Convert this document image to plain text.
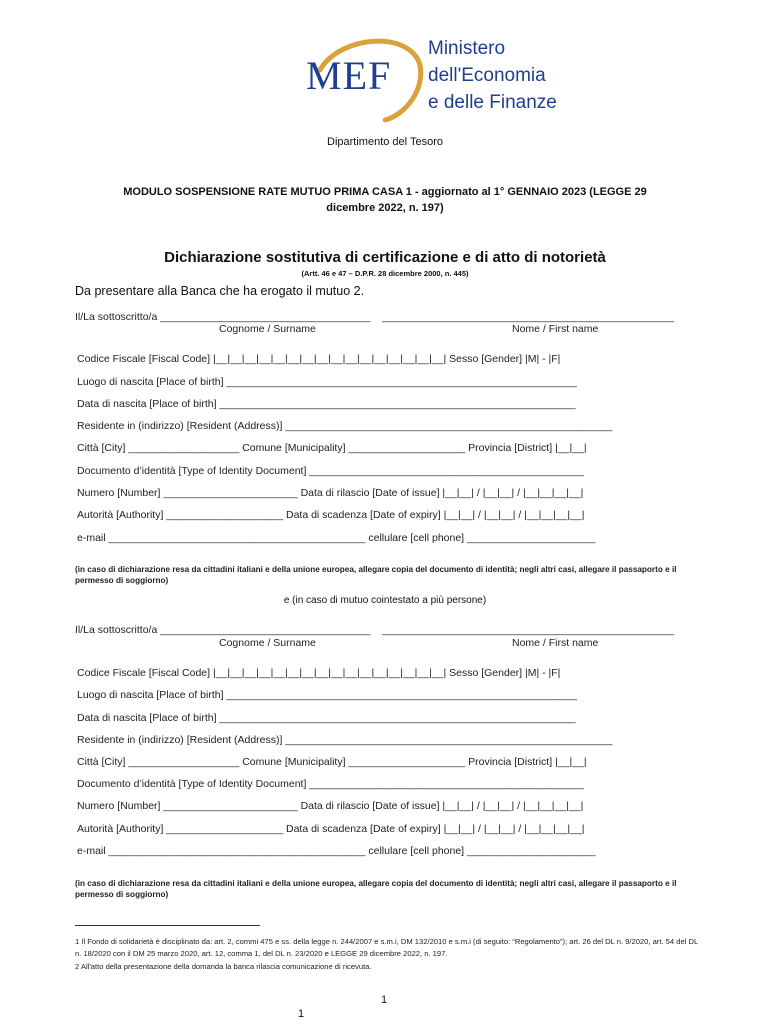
MEF
Ministero
dell'Economia
e delle Finanze
Dipartimento del Tesoro
MODULO SOSPENSIONE RATE MUTUO PRIMA CASA 1 - aggiornato al 1° GENNAIO 2023 (LEGGE 29
dicembre 2022, n. 197)
Dichiarazione sostitutiva di certificazione e di atto di notorietà
(Artt. 46 e 47 – D.P.R. 28 dicembre 2000, n. 445)
Da presentare alla Banca che ha erogato il mutuo 2.
Il/La sottoscritto/a ____________________________________    __________________________________________________
Cognome / Surname	Nome / First name
Codice Fiscale [Fiscal Code] |__|__|__|__|__|__|__|__|__|__|__|__|__|__|__|__| Sesso [Gender] |M| - |F|
Luogo di nascita [Place of birth] ____________________________________________________________
Data di nascita [Place of birth] _____________________________________________________________
Residente in (indirizzo) [Resident (Address)] ________________________________________________________
Città [City] ___________________ Comune [Municipality] ____________________ Provincia [District] |__|__|
Documento d’identità [Type of Identity Document] _______________________________________________
Numero [Number] _______________________ Data di rilascio [Date of issue] |__|__| / |__|__| / |__|__|__|__|
Autorità [Authority] ____________________ Data di scadenza [Date of expiry] |__|__| / |__|__| / |__|__|__|__|
e-mail ____________________________________________ cellulare [cell phone] ______________________
(in caso di dichiarazione resa da cittadini italiani e della unione europea, allegare copia del documento di identità; negli altri casi, allegare il passaporto e il permesso di soggiorno)
e (in caso di mutuo cointestato a più persone)
Il/La sottoscritto/a ____________________________________    __________________________________________________
Cognome / Surname	Nome / First name
Codice Fiscale [Fiscal Code] |__|__|__|__|__|__|__|__|__|__|__|__|__|__|__|__| Sesso [Gender] |M| - |F|
Luogo di nascita [Place of birth] ____________________________________________________________
Data di nascita [Place of birth] _____________________________________________________________
Residente in (indirizzo) [Resident (Address)] ________________________________________________________
Città [City] ___________________ Comune [Municipality] ____________________ Provincia [District] |__|__|
Documento d’identità [Type of Identity Document] _______________________________________________
Numero [Number] _______________________ Data di rilascio [Date of issue] |__|__| / |__|__| / |__|__|__|__|
Autorità [Authority] ____________________ Data di scadenza [Date of expiry] |__|__| / |__|__| / |__|__|__|__|
e-mail ____________________________________________ cellulare [cell phone] ______________________
(in caso di dichiarazione resa da cittadini italiani e della unione europea, allegare copia del documento di identità; negli altri casi, allegare il passaporto e il permesso di soggiorno)
1 Il Fondo di solidarietà è disciplinato da: art. 2, commi 475 e ss. della legge n. 244/2007 e s.m.i, DM 132/2010 e s.m.i (di seguito: “Regolamento”); art. 26 del DL n. 9/2020, art. 54 del DL n. 18/2020 con il DM 25 marzo 2020, art. 12, comma 1, del DL n. 23/2020 e LEGGE 29 dicembre 2022, n. 197.
2 All'atto della presentazione della domanda la banca rilascia comunicazione di ricevuta.
1
1
